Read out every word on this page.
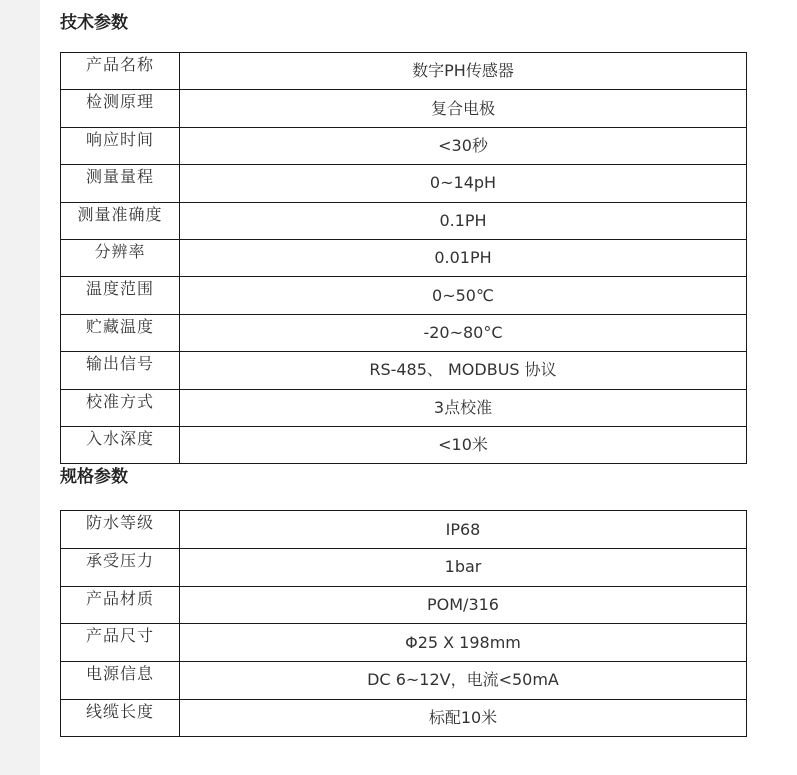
技术参数
产品名称	数字PH传感器
检测原理	复合电极
响应时间	<30秒
测量量程	0~14pH
测量准确度	0.1PH
分辨率	0.01PH
温度范围	0~50℃
贮藏温度	-20~80°C
输出信号	RS-485、 MODBUS 协议
校准方式	3点校准
入水深度	<10米
规格参数
防水等级	IP68
承受压力	1bar
产品材质	POM/316
产品尺寸	Φ25 X 198mm
电源信息	DC 6~12V，电流<50mA
线缆长度	标配10米
